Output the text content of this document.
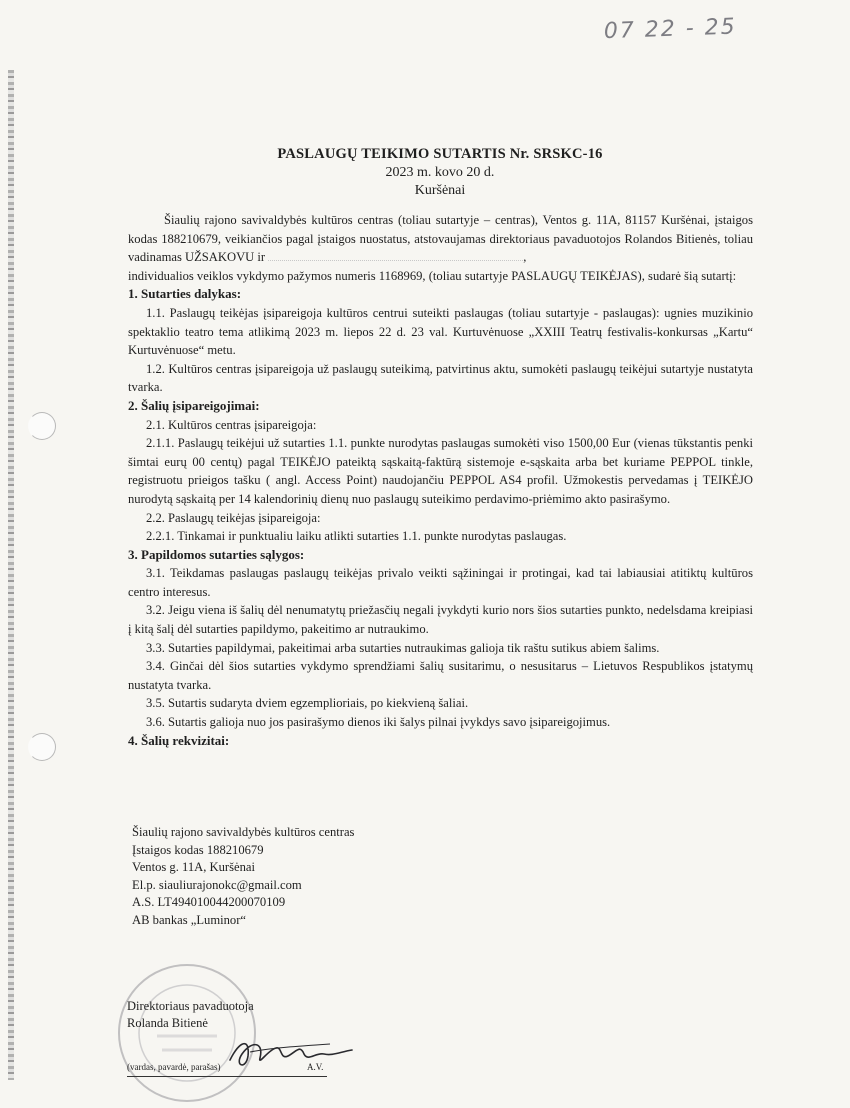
07 22 - 25
PASLAUGŲ TEIKIMO SUTARTIS Nr. SRSKC-16
2023 m. kovo 20 d.
Kuršėnai

Šiaulių rajono savivaldybės kultūros centras (toliau sutartyje – centras), Ventos g. 11A, 81157 Kuršėnai, įstaigos kodas 188210679, veikiančios pagal įstaigos nuostatus, atstovaujamas direktoriaus pavaduotojos Rolandos Bitienės, toliau vadinamas UŽSAKOVU ir	,

individualios veiklos vykdymo pažymos numeris 1168969, (toliau sutartyje PASLAUGŲ TEIKĖJAS), sudarė šią sutartį:

1. Sutarties dalykas:

1.1. Paslaugų teikėjas įsipareigoja kultūros centrui suteikti paslaugas (toliau sutartyje - paslaugas): ugnies muzikinio spektaklio teatro tema atlikimą 2023 m. liepos 22 d. 23 val. Kurtuvėnuose „XXIII Teatrų festivalis-konkursas „Kartu“ Kurtuvėnuose“ metu.

1.2. Kultūros centras įsipareigoja už paslaugų suteikimą, patvirtinus aktu, sumokėti paslaugų teikėjui sutartyje nustatyta tvarka.

2. Šalių įsipareigojimai:

2.1. Kultūros centras įsipareigoja:

2.1.1. Paslaugų teikėjui už sutarties 1.1. punkte nurodytas paslaugas sumokėti viso 1500,00 Eur (vienas tūkstantis penki šimtai eurų 00 centų) pagal TEIKĖJO pateiktą sąskaitą-faktūrą sistemoje e-sąskaita arba bet kuriame PEPPOL tinkle, registruotu prieigos tašku ( angl. Access Point) naudojančiu PEPPOL AS4 profil. Užmokestis pervedamas į TEIKĖJO nurodytą sąskaitą per 14 kalendorinių dienų nuo paslaugų suteikimo perdavimo-priėmimo akto pasirašymo.

2.2. Paslaugų teikėjas įsipareigoja:

2.2.1. Tinkamai ir punktualiu laiku atlikti sutarties 1.1. punkte nurodytas paslaugas.

3. Papildomos sutarties sąlygos:

3.1. Teikdamas paslaugas paslaugų teikėjas privalo veikti sąžiningai ir protingai, kad tai labiausiai atitiktų kultūros centro interesus.

3.2. Jeigu viena iš šalių dėl nenumatytų priežasčių negali įvykdyti kurio nors šios sutarties punkto, nedelsdama kreipiasi į kitą šalį dėl sutarties papildymo, pakeitimo ar nutraukimo.

3.3. Sutarties papildymai, pakeitimai arba sutarties nutraukimas galioja tik raštu sutikus abiem šalims.

3.4. Ginčai dėl šios sutarties vykdymo sprendžiami šalių susitarimu, o nesusitarus – Lietuvos Respublikos įstatymų nustatyta tvarka.

3.5. Sutartis sudaryta dviem egzemplioriais, po kiekvieną šaliai.

3.6. Sutartis galioja nuo jos pasirašymo dienos iki šalys pilnai įvykdys savo įsipareigojimus.

4. Šalių rekvizitai:

Šiaulių rajono savivaldybės kultūros centras
Įstaigos kodas 188210679
Ventos g. 11A, Kuršėnai
El.p. siauliurajonokc@gmail.com
A.S. LT494010044200070109
AB bankas „Luminor“
Direktoriaus pavaduotoja
Rolanda Bitienė
(vardas, pavardė, parašas)	A.V.
